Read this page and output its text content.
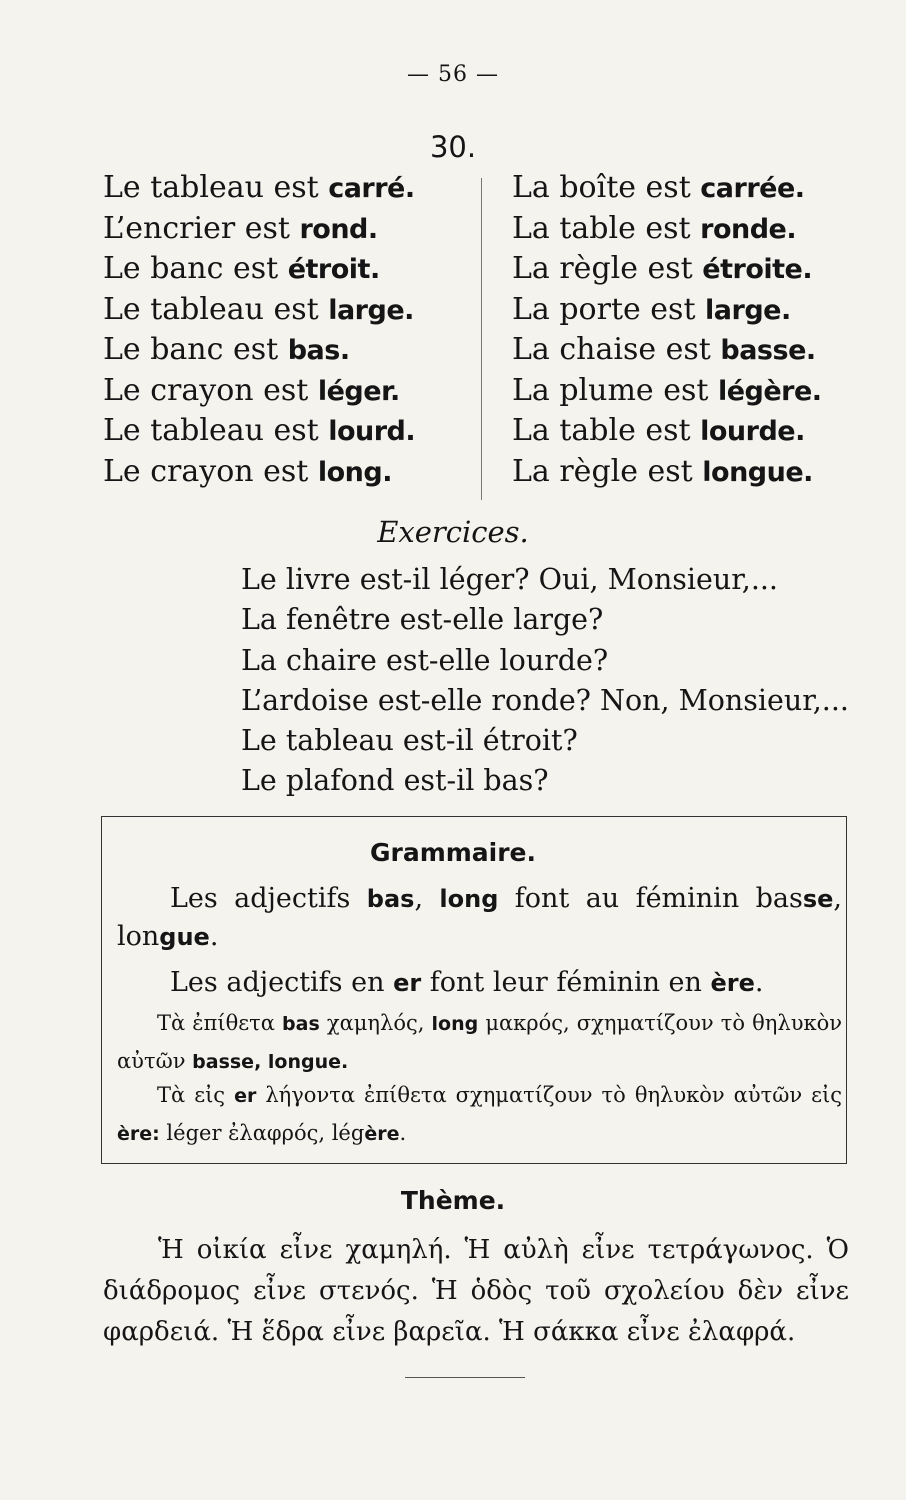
— 56 —
30.
Le tableau est carré.
L’encrier est rond.
Le banc est étroit.
Le tableau est large.
Le banc est bas.
Le crayon est léger.
Le tableau est lourd.
Le crayon est long.
La boîte est carrée.
La table est ronde.
La règle est étroite.
La porte est large.
La chaise est basse.
La plume est légère.
La table est lourde.
La règle est longue.
Exercices.
Le livre est-il léger? Oui, Monsieur,...
La fenêtre est-elle large?
La chaire est-elle lourde?
L’ardoise est-elle ronde? Non, Monsieur,...
Le tableau est-il étroit?
Le plafond est-il bas?
Grammaire.

Les adjectifs bas, long font au féminin basse, longue.

Les adjectifs en er font leur féminin en ère.

Τὰ ἐπίθετα bas χαμηλός, long μακρός, σχηματίζουν τὸ θηλυκὸν αὐτῶν basse, longue.

Τὰ εἰς er λήγοντα ἐπίθετα σχηματίζουν τὸ θηλυκὸν αὐτῶν εἰς ère: léger ἐλαφρός, légère.

Thème.

Ἡ οἰκία εἶνε χαμηλή. Ἡ αὐλὴ εἶνε τετράγωνος. Ὁ διάδρομος εἶνε στενός. Ἡ ὁδὸς τοῦ σχολείου δὲν εἶνε φαρδειά. Ἡ ἕδρα εἶνε βαρεῖα. Ἡ σάκκα εἶνε ἐλαφρά.
